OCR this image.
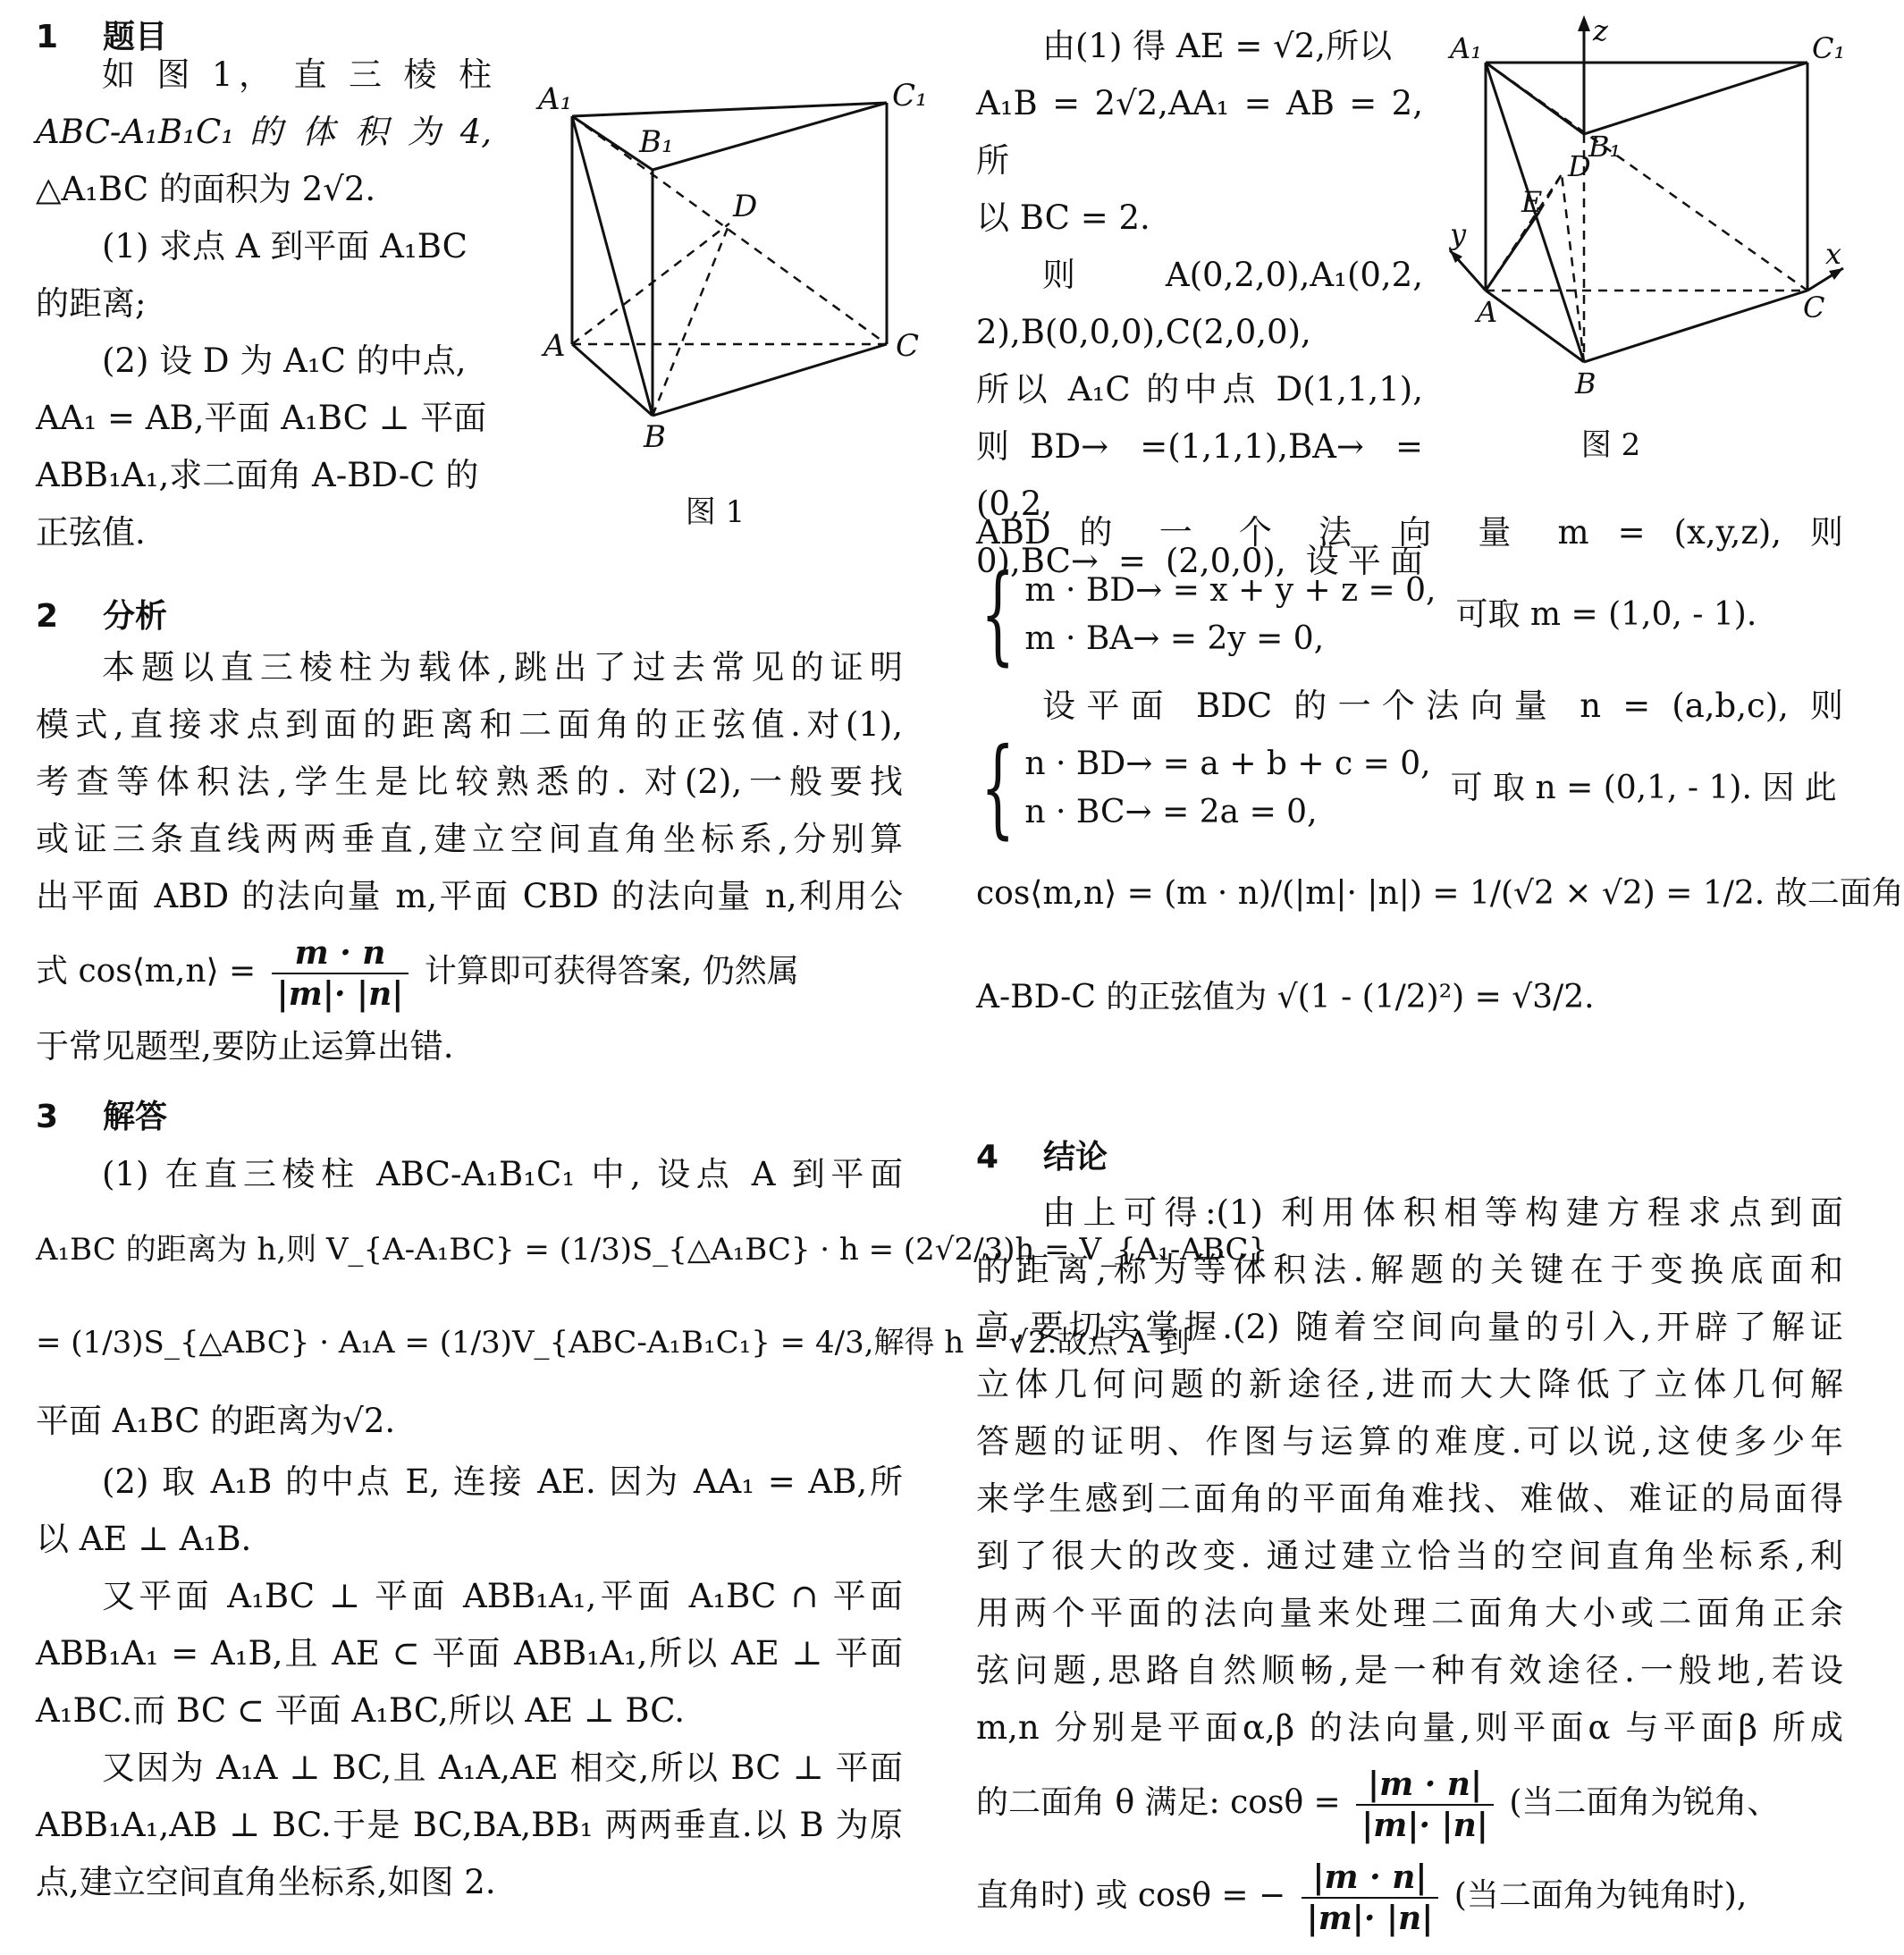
1 题目

如 图 1， 直 三 棱 柱

ABC-A₁B₁C₁ 的 体 积 为 4,

△A₁BC 的面积为 2√2.

(1) 求点 A 到平面 A₁BC

的距离;

(2) 设 D 为 A₁C 的中点,

AA₁ = AB,平面 A₁BC ⊥ 平面

ABB₁A₁,求二面角 A-BD-C 的

正弦值.

A₁
B₁
C₁
D
A	C
B
图 1
2 分析

本题以直三棱柱为载体,跳出了过去常见的证明

模式,直接求点到面的距离和二面角的正弦值.对(1),

考查等体积法,学生是比较熟悉的. 对(2),一般要找

或证三条直线两两垂直,建立空间直角坐标系,分别算

出平面 ABD 的法向量 m,平面 CBD 的法向量 n,利用公

式 cos⟨m,n⟩ = $\frac{m \cdot n}{|m|\cdot |n|}$ 计算即可获得答案, 仍然属

于常见题型,要防止运算出错.

3 解答

(1) 在直三棱柱 ABC-A₁B₁C₁ 中, 设点 A 到平面

A₁BC 的距离为 h,则 V_{A-A₁BC} = (1/3)S_{△A₁BC} · h = (2√2/3)h = V_{A₁-ABC}
= (1/3)S_{△ABC} · A₁A = (1/3)V_{ABC-A₁B₁C₁} = 4/3,解得 h = √2.故点 A 到

平面 A₁BC 的距离为√2.

(2) 取 A₁B 的中点 E, 连接 AE. 因为 AA₁ = AB,所

以 AE ⊥ A₁B.

又平面 A₁BC ⊥ 平面 ABB₁A₁,平面 A₁BC ∩ 平面

ABB₁A₁ = A₁B,且 AE ⊂ 平面 ABB₁A₁,所以 AE ⊥ 平面

A₁BC.而 BC ⊂ 平面 A₁BC,所以 AE ⊥ BC.

又因为 A₁A ⊥ BC,且 A₁A,AE 相交,所以 BC ⊥ 平面

ABB₁A₁,AB ⊥ BC.于是 BC,BA,BB₁ 两两垂直.以 B 为原

点,建立空间直角坐标系,如图 2.

由(1) 得 AE = √2,所以

A₁B = 2√2,AA₁ = AB = 2,所

以 BC = 2.

则 A(0,2,0),A₁(0,2,

2),B(0,0,0),C(2,0,0),

所以 A₁C 的中点 D(1,1,1),

则BD→ =(1,1,1),BA→ =(0,2,

0),BC→ = (2,0,0), 设平面

A₁	C₁
B₁
D
E
A	C
B
x
y
z
图 2

ABD 的 一 个 法 向 量 m = (x,y,z), 则

{ m · BD→ = x + y + z = 0,
m · BA→ = 2y = 0,
可取 m = (1,0, - 1).

设平面 BDC 的一个法向量 n = (a,b,c), 则

{ n · BD→ = a + b + c = 0,
n · BC→ = 2a = 0,
可 取 n = (0,1, - 1). 因 此
cos⟨m,n⟩ = (m · n)/(|m|· |n|) = 1/(√2 × √2) = 1/2. 故二面角
A-BD-C 的正弦值为 √(1 - (1/2)²) = √3/2.
4 结论

由上可得:(1) 利用体积相等构建方程求点到面

的距离,称为等体积法.解题的关键在于变换底面和

高,要切实掌握.(2) 随着空间向量的引入,开辟了解证

立体几何问题的新途径,进而大大降低了立体几何解

答题的证明、作图与运算的难度.可以说,这使多少年

来学生感到二面角的平面角难找、难做、难证的局面得

到了很大的改变. 通过建立恰当的空间直角坐标系,利

用两个平面的法向量来处理二面角大小或二面角正余

弦问题,思路自然顺畅,是一种有效途径.一般地,若设

m,n 分别是平面α,β 的法向量,则平面α 与平面β 所成

的二面角 θ 满足: $\cos\theta = \frac{|m \cdot n|}{|m|\cdot |n|}$ (当二面角为锐角、
直角时) 或 cosθ = − $\frac{|m \cdot n|}{|m|\cdot |n|}$ (当二面角为钝角时),
